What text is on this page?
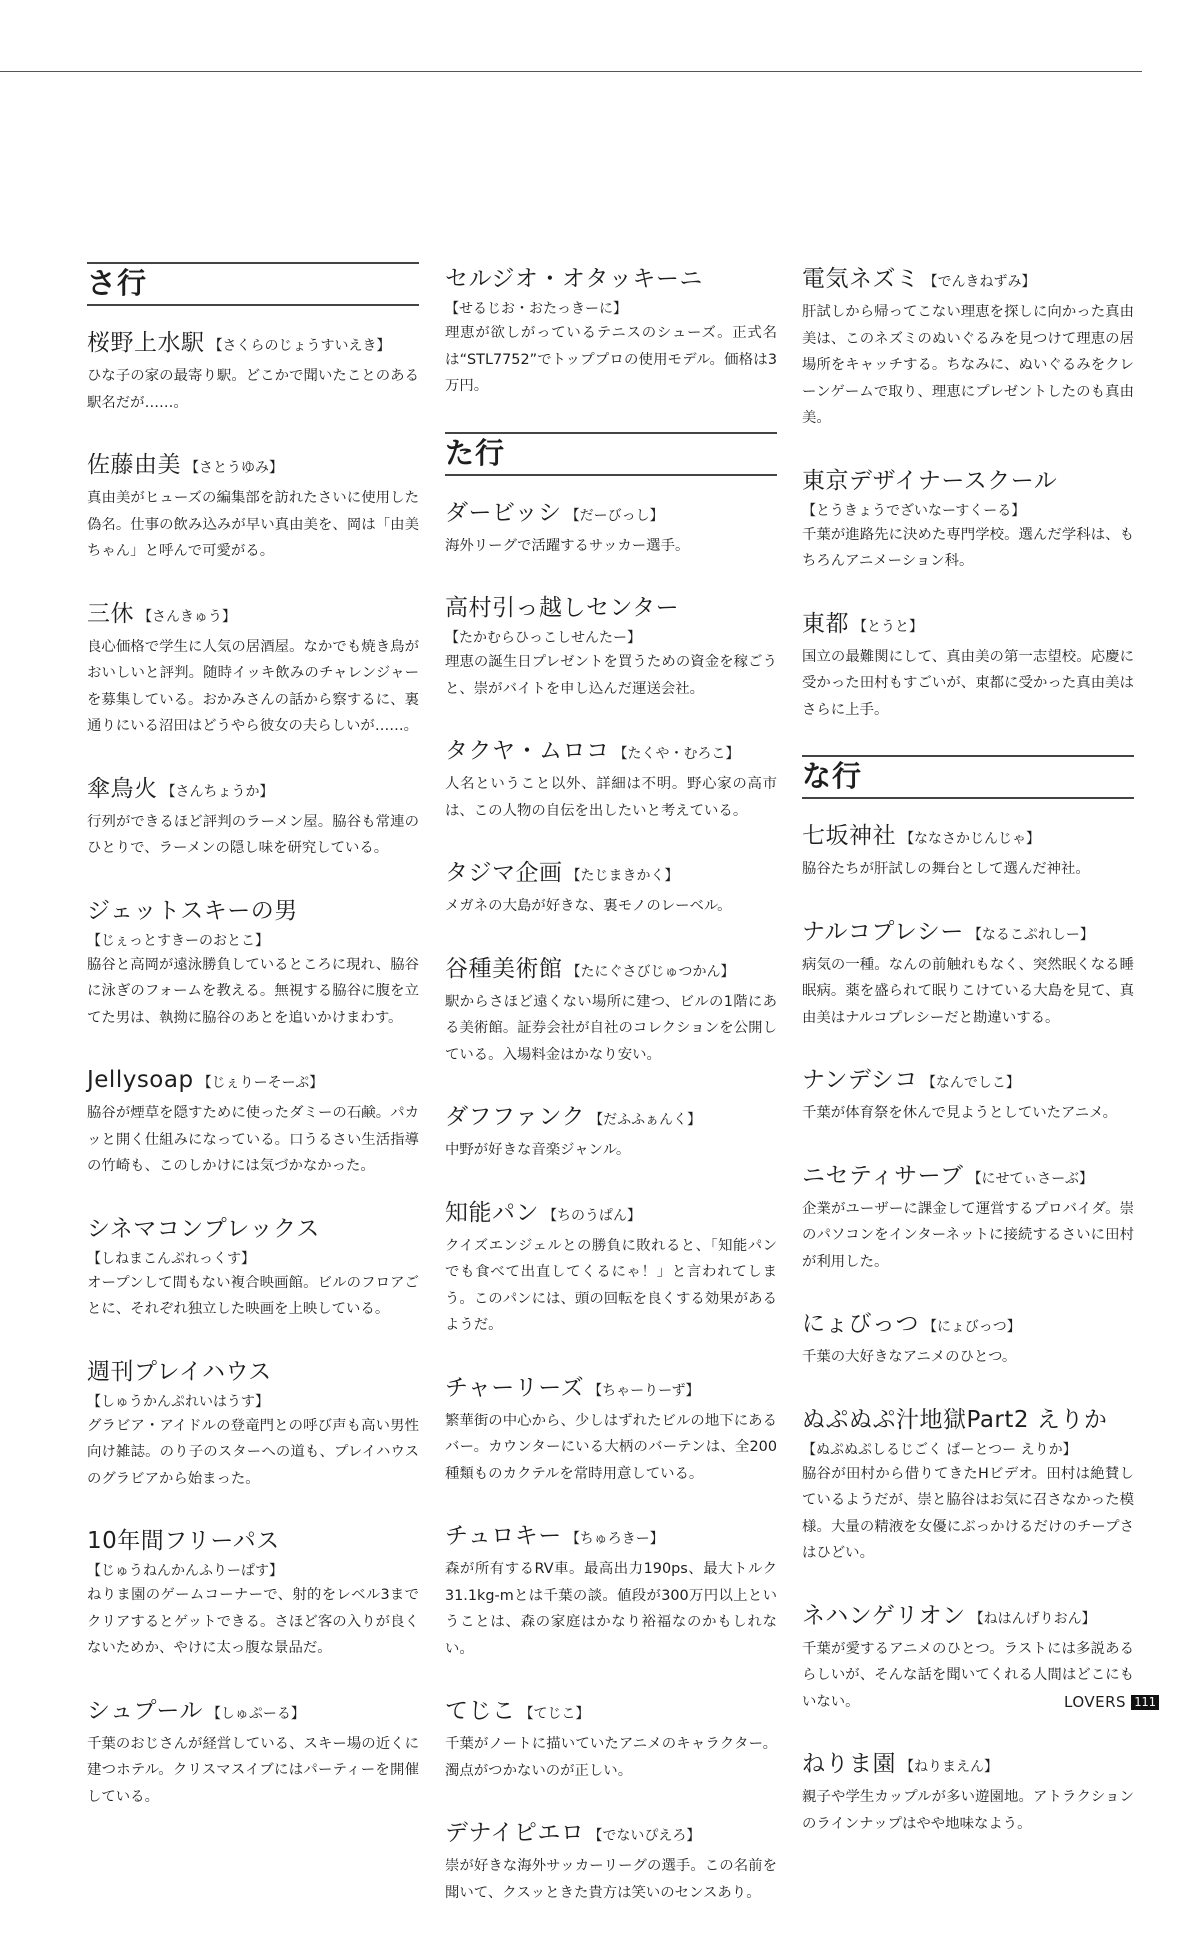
さ行
桜野上水駅 【さくらのじょうすいえき】
ひな子の家の最寄り駅。どこかで聞いたことのある駅名だが……。
佐藤由美 【さとうゆみ】
真由美がヒューズの編集部を訪れたさいに使用した偽名。仕事の飲み込みが早い真由美を、岡は「由美ちゃん」と呼んで可愛がる。
三休 【さんきゅう】
良心価格で学生に人気の居酒屋。なかでも焼き鳥がおいしいと評判。随時イッキ飲みのチャレンジャーを募集している。おかみさんの話から察するに、裏通りにいる沼田はどうやら彼女の夫らしいが……。
傘鳥火 【さんちょうか】
行列ができるほど評判のラーメン屋。脇谷も常連のひとりで、ラーメンの隠し味を研究している。
ジェットスキーの男
【じぇっとすきーのおとこ】
脇谷と高岡が遠泳勝負しているところに現れ、脇谷に泳ぎのフォームを教える。無視する脇谷に腹を立てた男は、執拗に脇谷のあとを追いかけまわす。
Jellysoap 【じぇりーそーぷ】
脇谷が煙草を隠すために使ったダミーの石鹸。パカッと開く仕組みになっている。口うるさい生活指導の竹崎も、このしかけには気づかなかった。
シネマコンプレックス
【しねまこんぷれっくす】
オープンして間もない複合映画館。ビルのフロアごとに、それぞれ独立した映画を上映している。
週刊プレイハウス
【しゅうかんぷれいはうす】
グラビア・アイドルの登竜門との呼び声も高い男性向け雑誌。のり子のスターへの道も、プレイハウスのグラビアから始まった。
10年間フリーパス
【じゅうねんかんふりーぱす】
ねりま園のゲームコーナーで、射的をレベル3までクリアするとゲットできる。さほど客の入りが良くないためか、やけに太っ腹な景品だ。
シュプール 【しゅぷーる】
千葉のおじさんが経営している、スキー場の近くに建つホテル。クリスマスイブにはパーティーを開催している。
セルジオ・オタッキーニ
【せるじお・おたっきーに】
理恵が欲しがっているテニスのシューズ。正式名は“STL7752”でトッププロの使用モデル。価格は3万円。
た行
ダービッシ 【だーびっし】
海外リーグで活躍するサッカー選手。
高村引っ越しセンター
【たかむらひっこしせんたー】
理恵の誕生日プレゼントを買うための資金を稼ごうと、崇がバイトを申し込んだ運送会社。
タクヤ・ムロコ 【たくや・むろこ】
人名ということ以外、詳細は不明。野心家の高市は、この人物の自伝を出したいと考えている。
タジマ企画 【たじまきかく】
メガネの大島が好きな、裏モノのレーベル。
谷種美術館 【たにぐさびじゅつかん】
駅からさほど遠くない場所に建つ、ビルの1階にある美術館。証券会社が自社のコレクションを公開している。入場料金はかなり安い。
ダフファンク 【だふふぁんく】
中野が好きな音楽ジャンル。
知能パン 【ちのうぱん】
クイズエンジェルとの勝負に敗れると、「知能パンでも食べて出直してくるにゃ！」と言われてしまう。このパンには、頭の回転を良くする効果があるようだ。
チャーリーズ 【ちゃーりーず】
繁華街の中心から、少しはずれたビルの地下にあるバー。カウンターにいる大柄のバーテンは、全200種類ものカクテルを常時用意している。
チュロキー 【ちゅろきー】
森が所有するRV車。最高出力190ps、最大トルク31.1kg-mとは千葉の談。値段が300万円以上ということは、森の家庭はかなり裕福なのかもしれない。
てじこ 【てじこ】
千葉がノートに描いていたアニメのキャラクター。濁点がつかないのが正しい。
デナイピエロ 【でないぴえろ】
崇が好きな海外サッカーリーグの選手。この名前を聞いて、クスッときた貴方は笑いのセンスあり。
電気ネズミ 【でんきねずみ】
肝試しから帰ってこない理恵を探しに向かった真由美は、このネズミのぬいぐるみを見つけて理恵の居場所をキャッチする。ちなみに、ぬいぐるみをクレーンゲームで取り、理恵にプレゼントしたのも真由美。
東京デザイナースクール
【とうきょうでざいなーすくーる】
千葉が進路先に決めた専門学校。選んだ学科は、もちろんアニメーション科。
東都 【とうと】
国立の最難関にして、真由美の第一志望校。応慶に受かった田村もすごいが、東都に受かった真由美はさらに上手。
な行
七坂神社 【ななさかじんじゃ】
脇谷たちが肝試しの舞台として選んだ神社。
ナルコプレシー 【なるこぷれしー】
病気の一種。なんの前触れもなく、突然眠くなる睡眠病。薬を盛られて眠りこけている大島を見て、真由美はナルコプレシーだと勘違いする。
ナンデシコ 【なんでしこ】
千葉が体育祭を休んで見ようとしていたアニメ。
ニセティサーブ 【にせてぃさーぶ】
企業がユーザーに課金して運営するプロバイダ。崇のパソコンをインターネットに接続するさいに田村が利用した。
にょびっつ 【にょびっつ】
千葉の大好きなアニメのひとつ。
ぬぷぬぷ汁地獄Part2 えりか
【ぬぷぬぷしるじごく ぱーとつー えりか】
脇谷が田村から借りてきたHビデオ。田村は絶賛しているようだが、崇と脇谷はお気に召さなかった模様。大量の精液を女優にぶっかけるだけのチープさはひどい。
ネハンゲリオン 【ねはんげりおん】
千葉が愛するアニメのひとつ。ラストには多説あるらしいが、そんな話を聞いてくれる人間はどこにもいない。
ねりま園 【ねりまえん】
親子や学生カップルが多い遊園地。アトラクションのラインナップはやや地味なよう。
LOVERS 111
